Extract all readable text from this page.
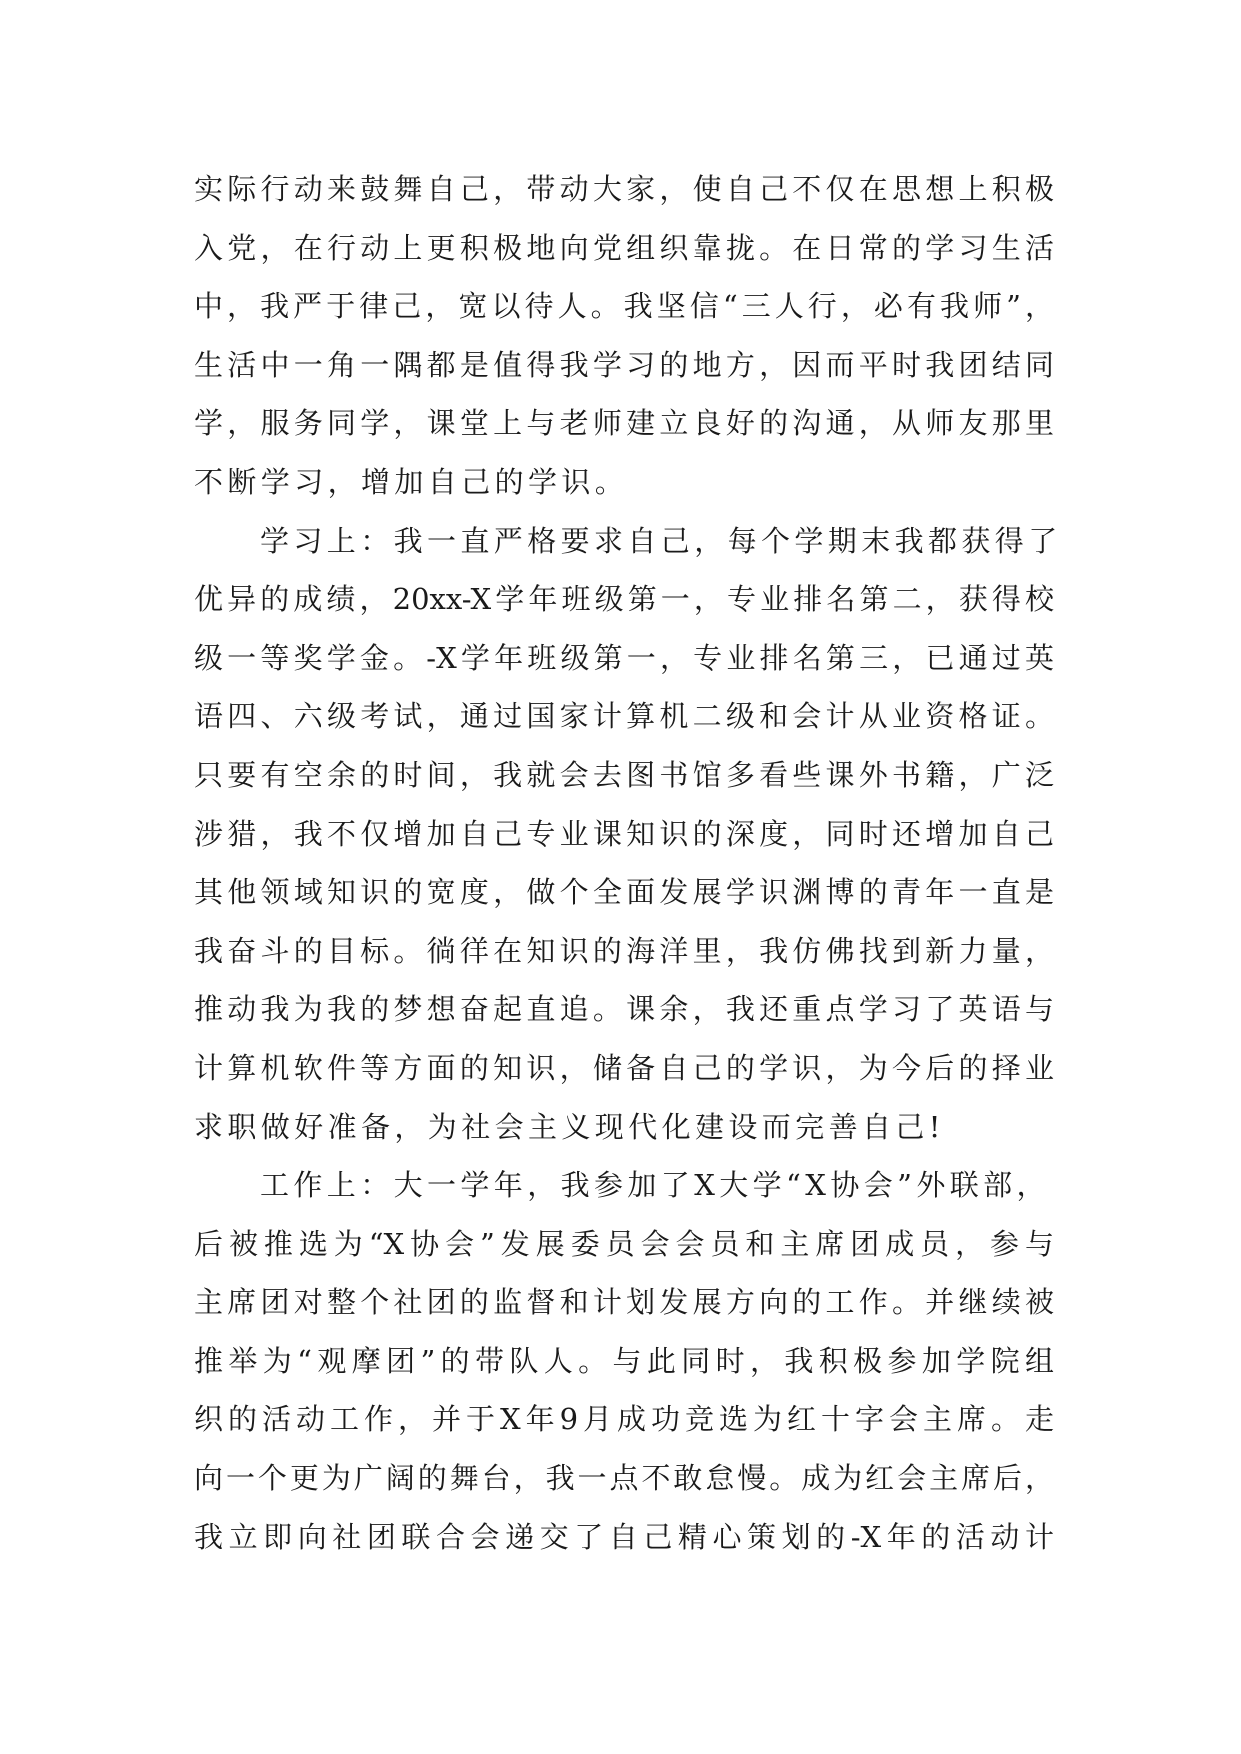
实际行动来鼓舞自己，带动大家，使自己不仅在思想上积极
入党，在行动上更积极地向党组织靠拢。在日常的学习生活
中，我严于律己，宽以待人。我坚信“三人行，必有我师”，
生活中一角一隅都是值得我学习的地方，因而平时我团结同
学，服务同学，课堂上与老师建立良好的沟通，从师友那里
不断学习，增加自己的学识。
学习上：我一直严格要求自己，每个学期末我都获得了
优异的成绩，20xx-X学年班级第一，专业排名第二，获得校
级一等奖学金。-X学年班级第一，专业排名第三，已通过英
语四、六级考试，通过国家计算机二级和会计从业资格证。
只要有空余的时间，我就会去图书馆多看些课外书籍，广泛
涉猎，我不仅增加自己专业课知识的深度，同时还增加自己
其他领域知识的宽度，做个全面发展学识渊博的青年一直是
我奋斗的目标。徜徉在知识的海洋里，我仿佛找到新力量，
推动我为我的梦想奋起直追。课余，我还重点学习了英语与
计算机软件等方面的知识，储备自己的学识，为今后的择业
求职做好准备，为社会主义现代化建设而完善自己!
工作上：大一学年，我参加了X大学“X协会”外联部，
后被推选为“X协会”发展委员会会员和主席团成员，参与
主席团对整个社团的监督和计划发展方向的工作。并继续被
推举为“观摩团”的带队人。与此同时，我积极参加学院组
织的活动工作，并于X年9月成功竞选为红十字会主席。走
向一个更为广阔的舞台，我一点不敢怠慢。成为红会主席后，
我立即向社团联合会递交了自己精心策划的-X年的活动计
